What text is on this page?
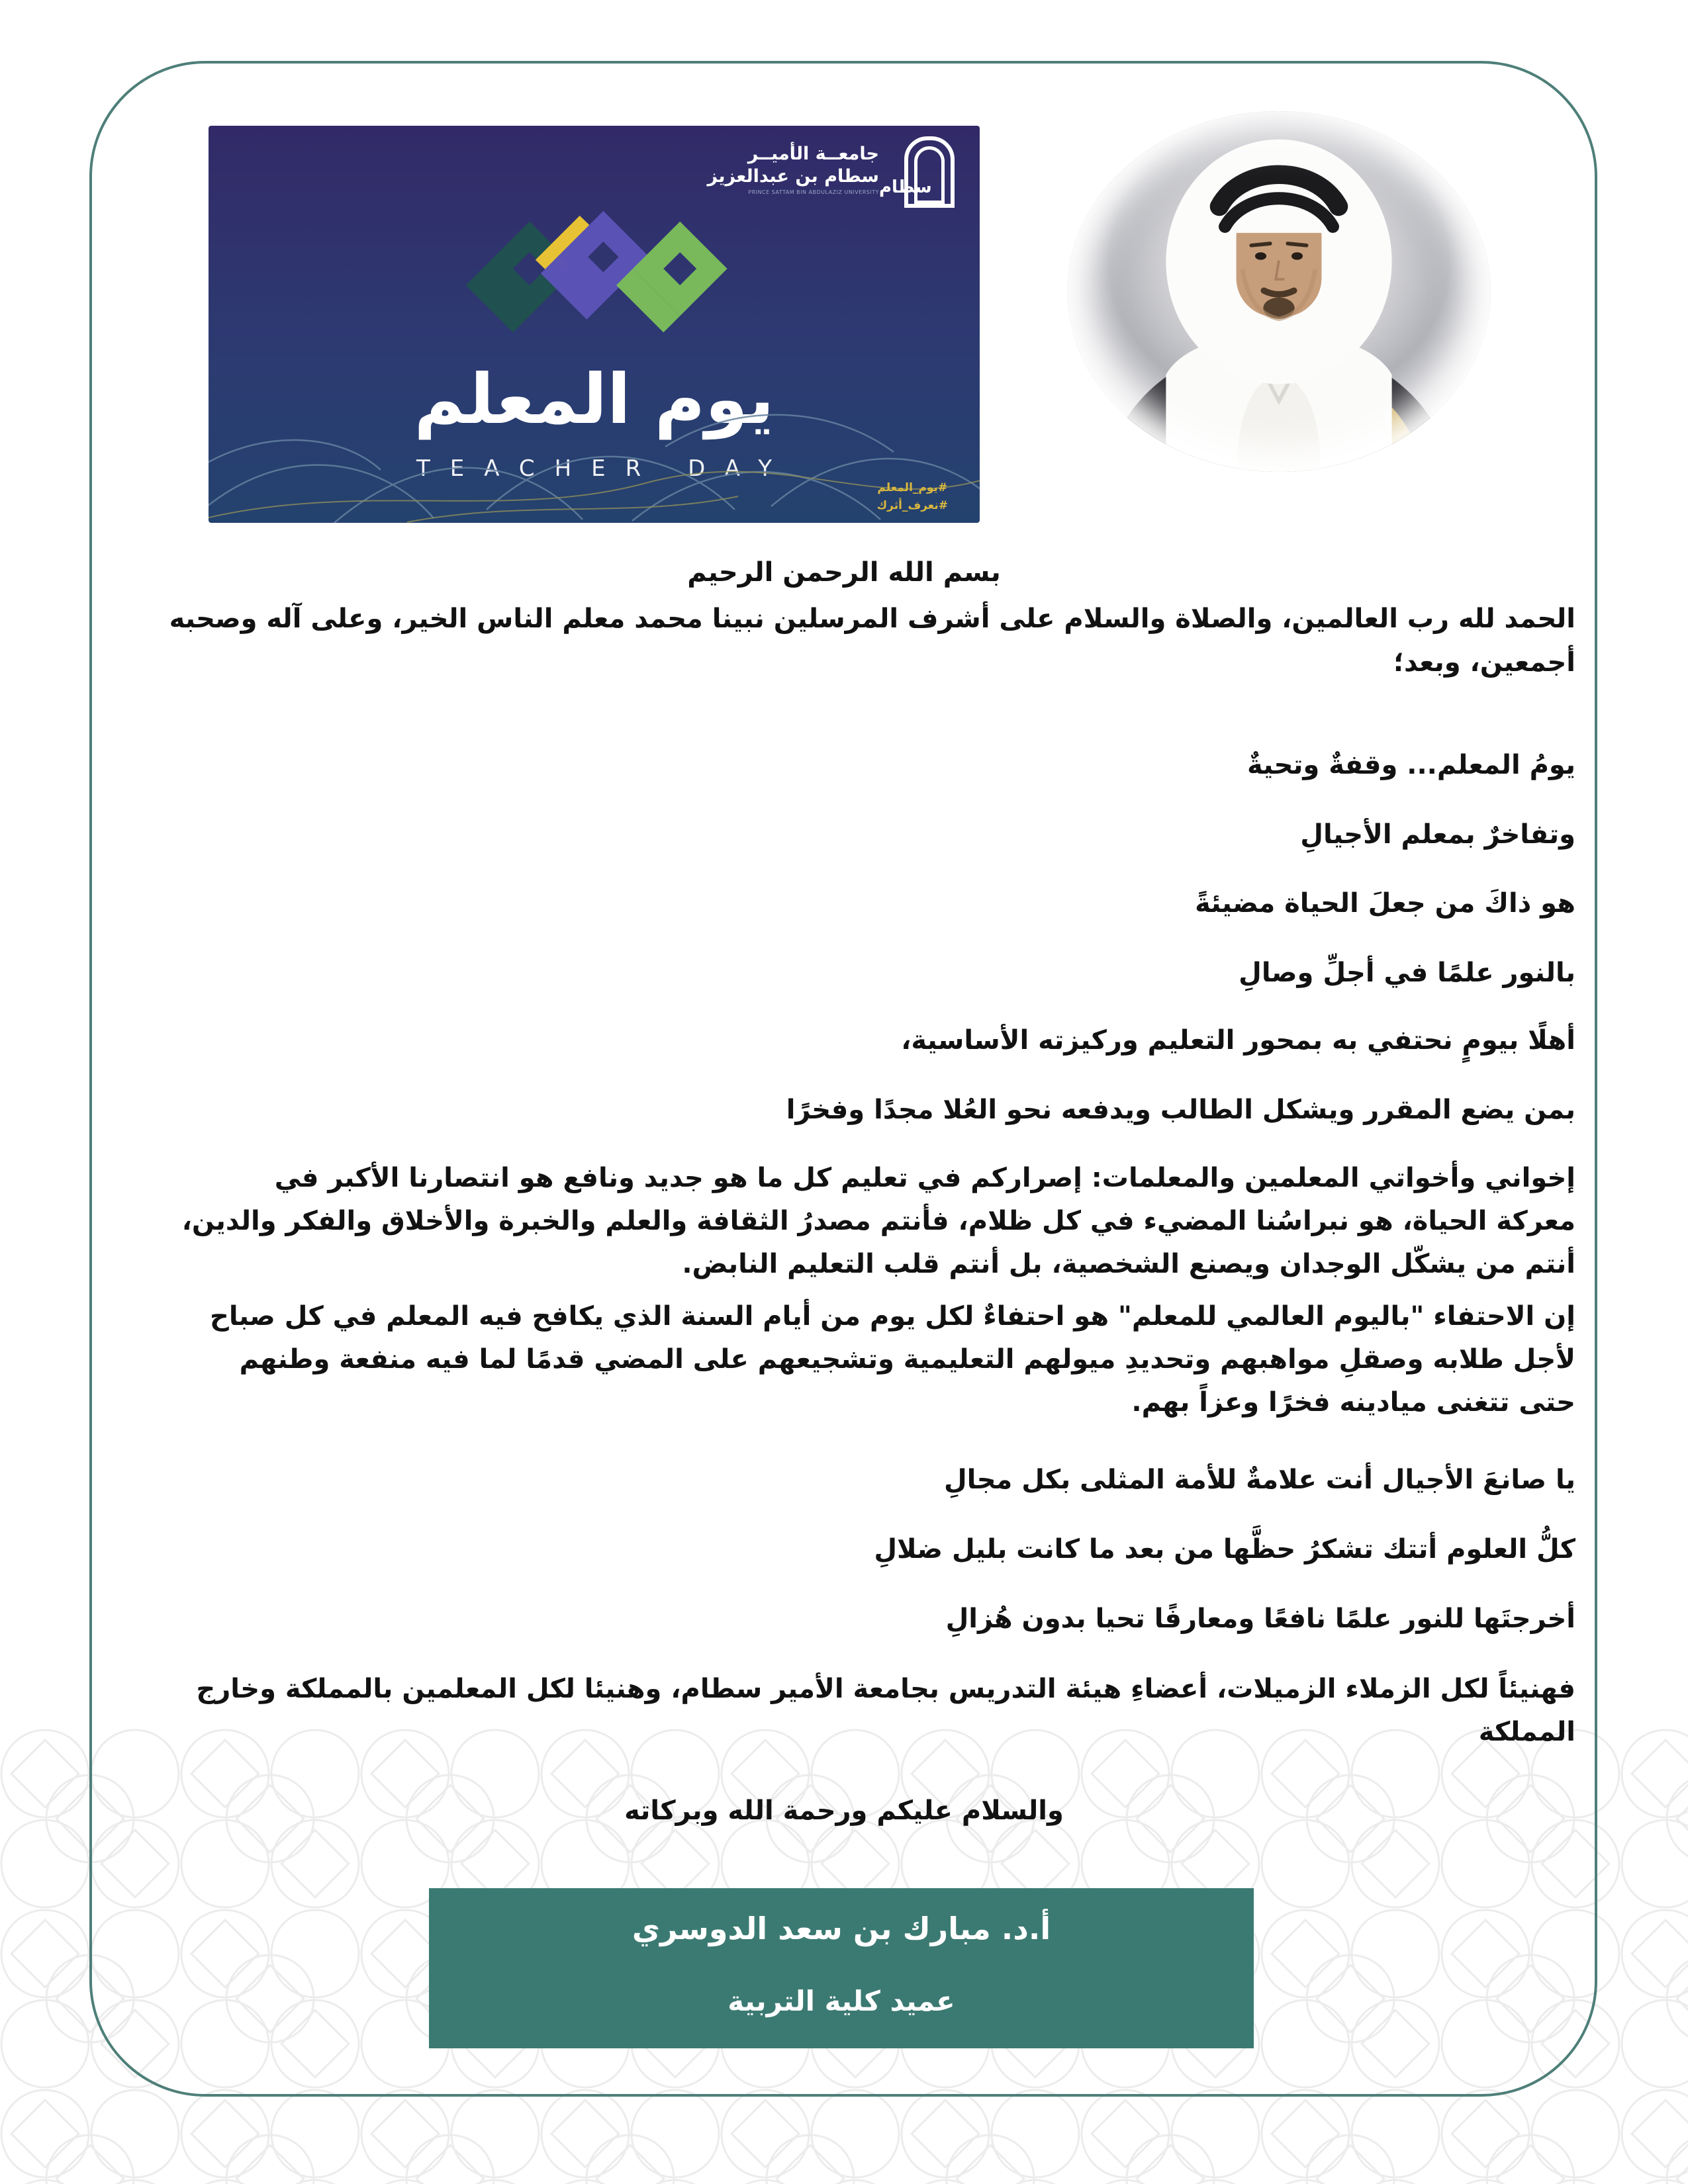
جامعــة الأميــر
سطام بن عبدالعزيز
PRINCE SATTAM BIN ABDULAZIZ UNIVERSITY سطام
يوم المعلم
TEACHER DAY
#يوم_المعلم
#نعرف_أثرك
بسم الله الرحمن الرحيم
الحمد لله رب العالمين، والصلاة والسلام على أشرف المرسلين نبينا محمد معلم الناس الخير، وعلى آله وصحبه
أجمعين، وبعد؛
يومُ المعلم... وقفةٌ وتحيةٌ
وتفاخرٌ بمعلم الأجيالِ
هو ذاكَ من جعلَ الحياة مضيئةً
بالنور علمًا في أجلِّ وصالِ
أهلًا بيومٍ نحتفي به بمحور التعليم وركيزته الأساسية،
بمن يضع المقرر ويشكل الطالب ويدفعه نحو العُلا مجدًا وفخرًا
إخواني وأخواتي المعلمين والمعلمات: إصراركم في تعليم كل ما هو جديد ونافع هو انتصارنا الأكبر في
معركة الحياة، هو نبراسُنا المضيء في كل ظلام، فأنتم مصدرُ الثقافة والعلم والخبرة والأخلاق والفكر والدين،
أنتم من يشكّل الوجدان ويصنع الشخصية، بل أنتم قلب التعليم النابض.
إن الاحتفاء "باليوم العالمي للمعلم" هو احتفاءٌ لكل يوم من أيام السنة الذي يكافح فيه المعلم في كل صباح
لأجل طلابه وصقلِ مواهبهم وتحديدِ ميولهم التعليمية وتشجيعهم على المضي قدمًا لما فيه منفعة وطنهم
حتى تتغنى ميادينه فخرًا وعزاً بهم.
يا صانعَ الأجيال أنت علامةٌ للأمة المثلى بكل مجالِ
كلُّ العلوم أتتك تشكرُ حظَّها من بعد ما كانت بليل ضلالِ
أخرجتَها للنور علمًا نافعًا ومعارفًا تحيا بدون هُزالِ
فهنيئاً لكل الزملاء الزميلات، أعضاءِ هيئة التدريس بجامعة الأمير سطام، وهنيئا لكل المعلمين بالمملكة وخارج
المملكة
والسلام عليكم ورحمة الله وبركاته
أ.د. مبارك بن سعد الدوسري
عميد كلية التربية
